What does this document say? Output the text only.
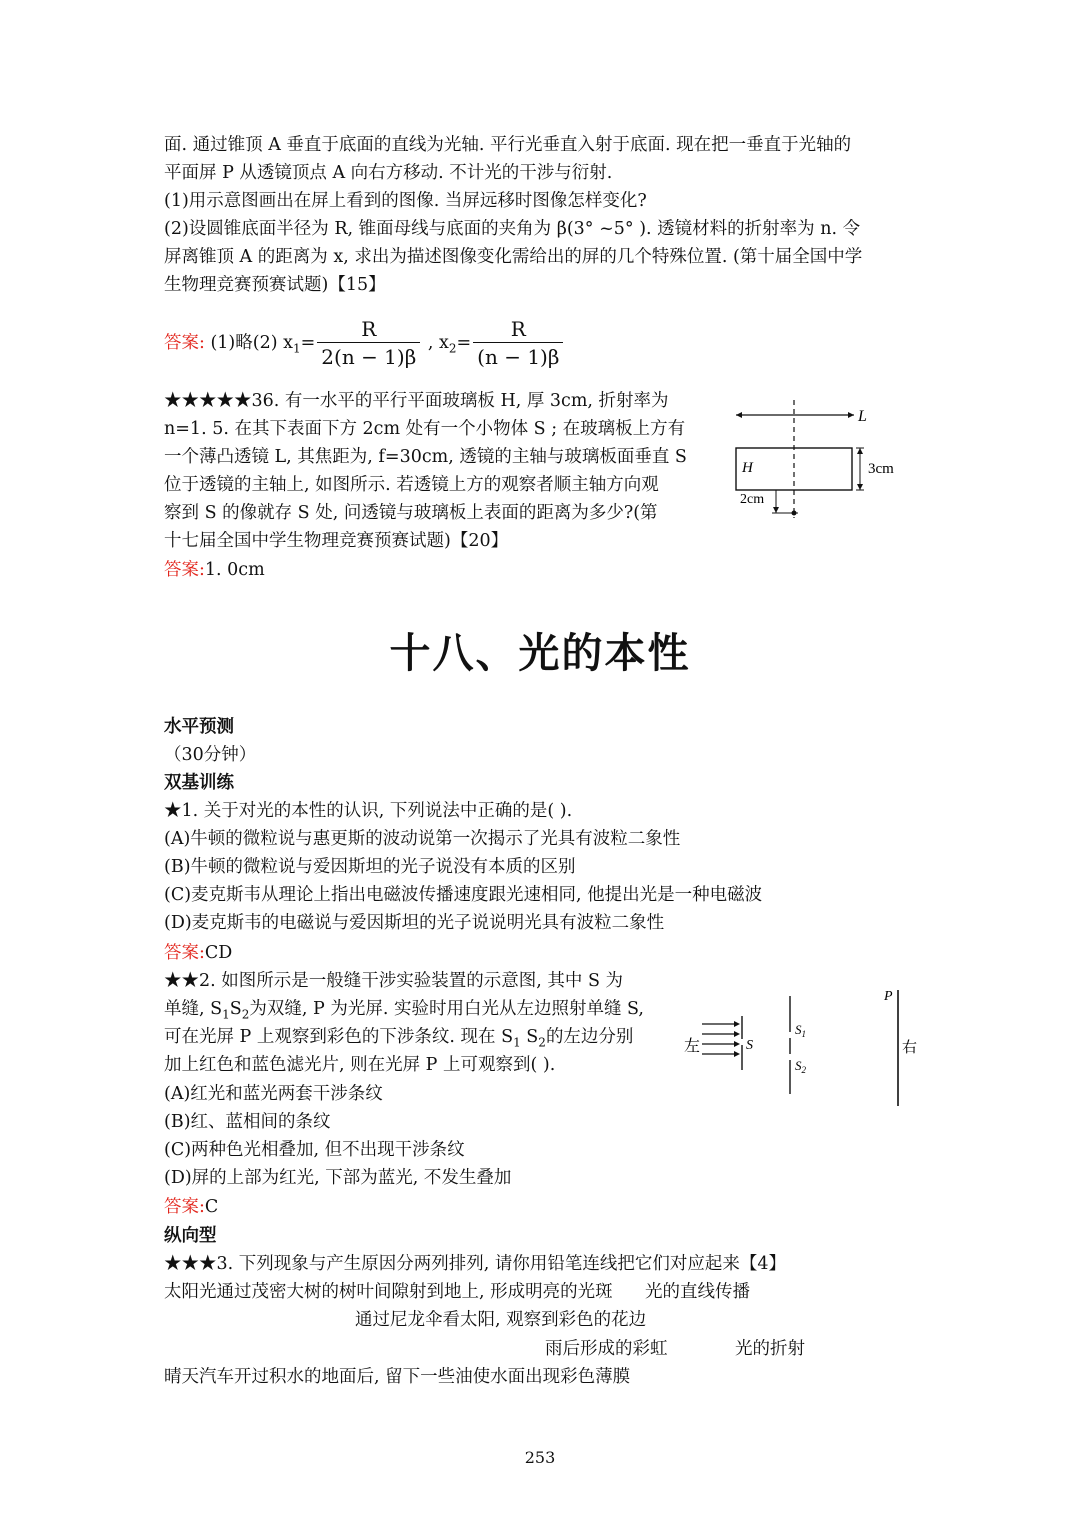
面. 通过锥顶 A 垂直于底面的直线为光轴. 平行光垂直入射于底面. 现在把一垂直于光轴的
平面屏 P 从透镜顶点 A 向右方移动. 不计光的干涉与衍射.
(1)用示意图画出在屏上看到的图像. 当屏远移时图像怎样变化?
(2)设圆锥底面半径为 R, 锥面母线与底面的夹角为 β(3° ~5° ). 透镜材料的折射率为 n. 令
屏离锥顶 A 的距离为 x, 求出为描述图像变化需给出的屏的几个特殊位置. (第十届全国中学
生物理竞赛预赛试题)【15】
答案: (1)略(2) $x_1= \frac{R}{2(n - 1)\beta}$ , $x_2= \frac{R}{(n - 1)\beta}$
★★★★★36. 有一水平的平行平面玻璃板 H, 厚 3cm, 折射率为
n=1. 5. 在其下表面下方 2cm 处有一个小物体 S ; 在玻璃板上方有
一个薄凸透镜 L, 其焦距为, f=30cm, 透镜的主轴与玻璃板面垂直 S
位于透镜的主轴上, 如图所示. 若透镜上方的观察者顺主轴方向观
察到 S 的像就存 S 处, 问透镜与玻璃板上表面的距离为多少?(第
十七届全国中学生物理竞赛预赛试题)【20】
答案:1. 0cm
L
H	3cm
2cm
十八、光的本性
水平预测
（30分钟）
双基训练
★1. 关于对光的本性的认识, 下列说法中正确的是( ).
(A)牛顿的微粒说与惠更斯的波动说第一次揭示了光具有波粒二象性
(B)牛顿的微粒说与爱因斯坦的光子说没有本质的区别
(C)麦克斯韦从理论上指出电磁波传播速度跟光速相同, 他提出光是一种电磁波
(D)麦克斯韦的电磁说与爱因斯坦的光子说说明光具有波粒二象性
答案:CD
★★2. 如图所示是一般缝干涉实验装置的示意图, 其中 S 为
单缝, $S_1S_2$为双缝, P 为光屏. 实验时用白光从左边照射单缝 S,
可在光屏 P 上观察到彩色的下涉条纹. 现在 $S_1$ $S_2$的左边分别
加上红色和蓝色滤光片, 则在光屏 P 上可观察到( ).
(A)红光和蓝光两套干涉条纹
(B)红、蓝相间的条纹
(C)两种色光相叠加, 但不出现干涉条纹
(D)屏的上部为红光, 下部为蓝光, 不发生叠加
答案:C
左	S
$S_1$
$S_2$
P
右
纵向型
★★★3. 下列现象与产生原因分两列排列, 请你用铅笔连线把它们对应起来【4】
太阳光通过茂密大树的树叶间隙射到地上, 形成明亮的光斑 光的直线传播
通过尼龙伞看太阳, 观察到彩色的花边
雨后形成的彩虹	光的折射
晴天汽车开过积水的地面后, 留下一些油使水面出现彩色薄膜
253
